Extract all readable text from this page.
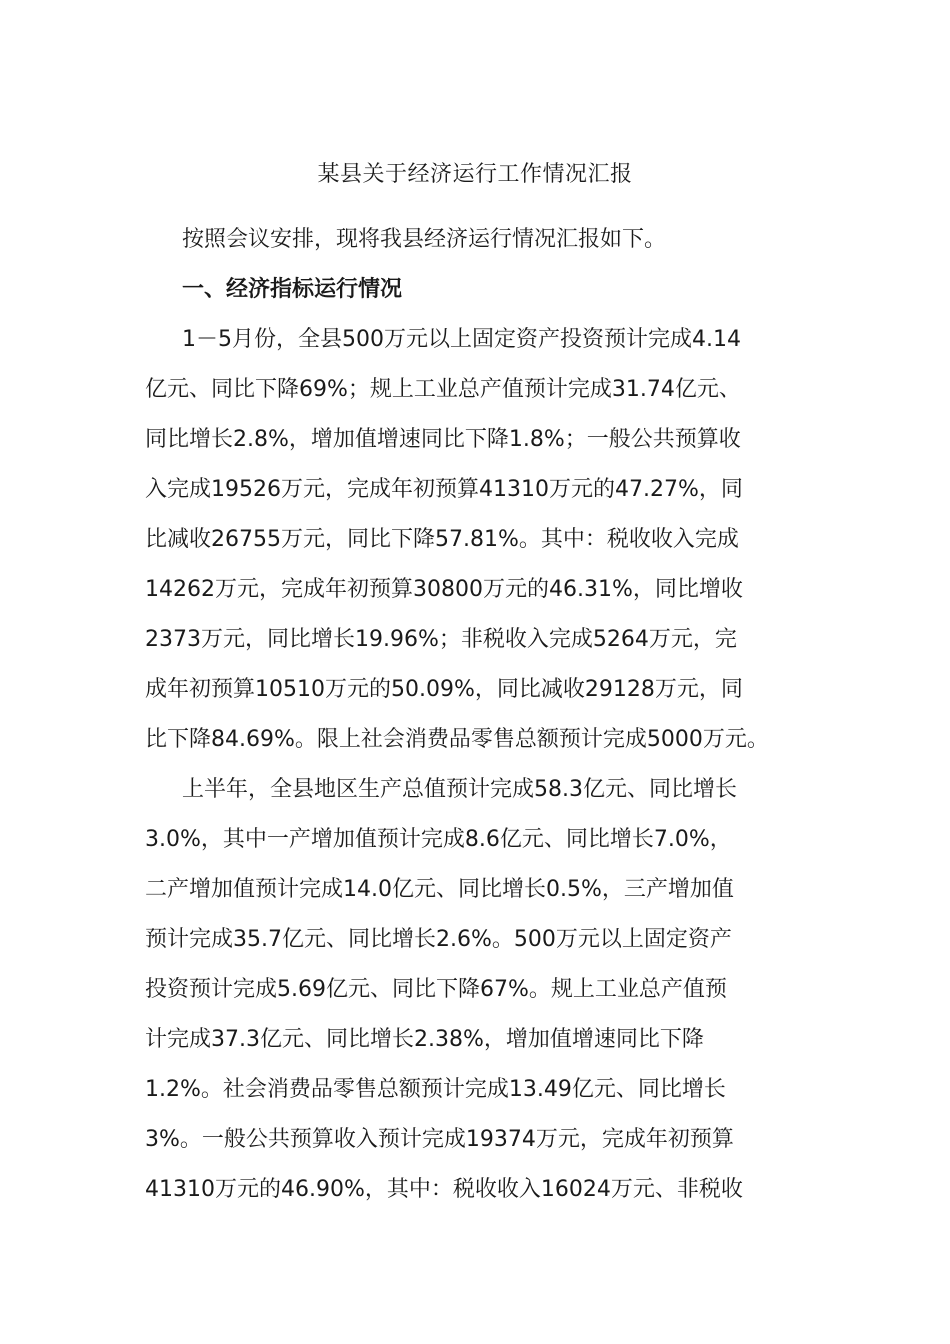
某县关于经济运行工作情况汇报
按照会议安排，现将我县经济运行情况汇报如下。
一、经济指标运行情况
1－5月份，全县500万元以上固定资产投资预计完成4.14
亿元、同比下降69%；规上工业总产值预计完成31.74亿元、
同比增长2.8%，增加值增速同比下降1.8%；一般公共预算收
入完成19526万元，完成年初预算41310万元的47.27%，同
比减收26755万元，同比下降57.81%。其中：税收收入完成
14262万元，完成年初预算30800万元的46.31%，同比增收
2373万元，同比增长19.96%；非税收入完成5264万元，完
成年初预算10510万元的50.09%，同比减收29128万元，同
比下降84.69%。限上社会消费品零售总额预计完成5000万元。
上半年，全县地区生产总值预计完成58.3亿元、同比增长
3.0%，其中一产增加值预计完成8.6亿元、同比增长7.0%，
二产增加值预计完成14.0亿元、同比增长0.5%，三产增加值
预计完成35.7亿元、同比增长2.6%。500万元以上固定资产
投资预计完成5.69亿元、同比下降67%。规上工业总产值预
计完成37.3亿元、同比增长2.38%，增加值增速同比下降
1.2%。社会消费品零售总额预计完成13.49亿元、同比增长
3%。一般公共预算收入预计完成19374万元，完成年初预算
41310万元的46.90%，其中：税收收入16024万元、非税收
